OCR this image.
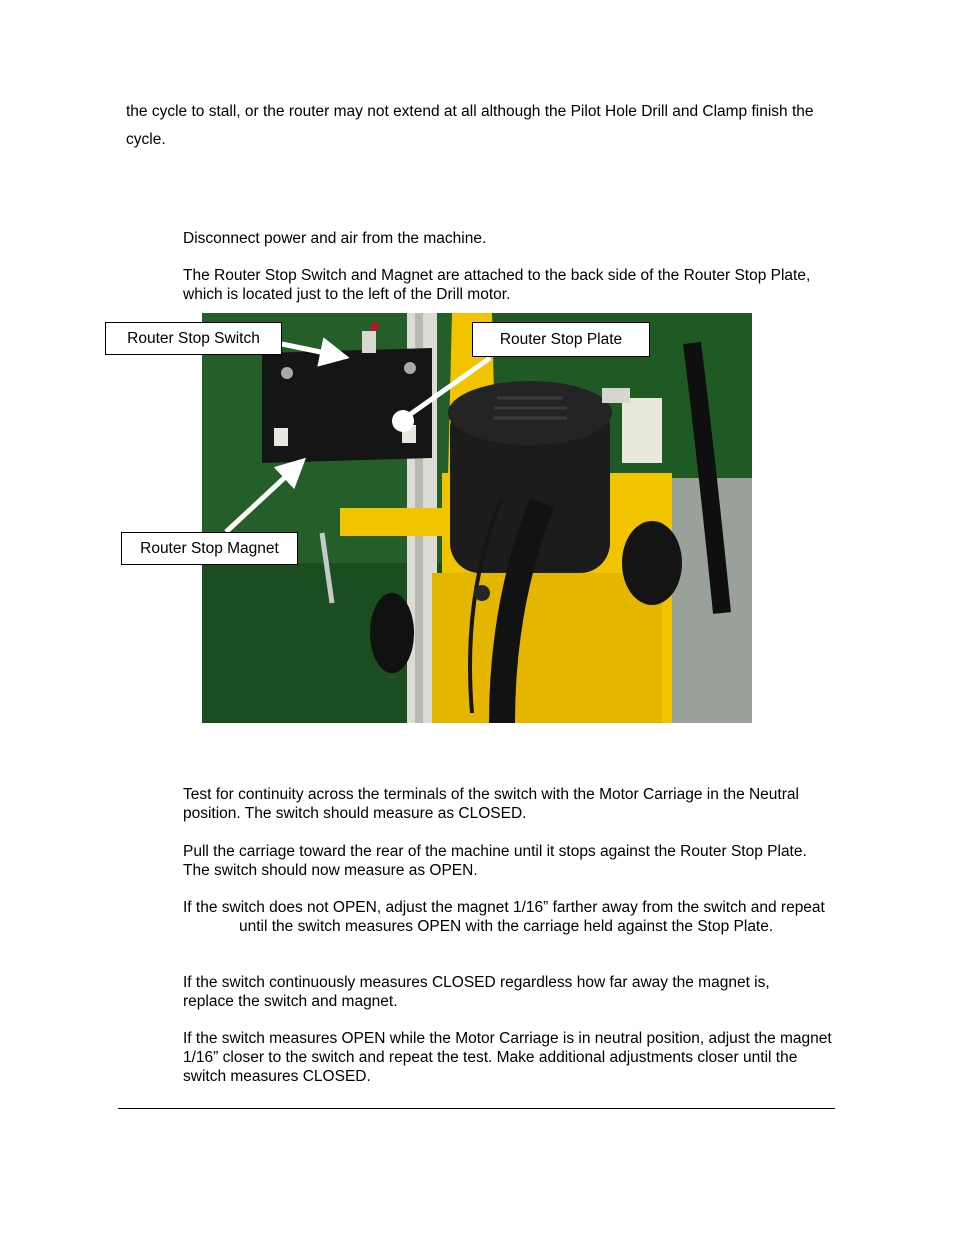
the cycle to stall, or the router may not extend at all although the Pilot Hole Drill and Clamp finish the cycle.

Disconnect power and air from the machine.

The Router Stop Switch and Magnet are attached to the back side of the Router Stop Plate, which is located just to the left of the Drill motor.

Router Stop Switch	Router Stop Plate
Router Stop Magnet

Test for continuity across the terminals of the switch with the Motor Carriage in the Neutral position. The switch should measure as CLOSED.

Pull the carriage toward the rear of the machine until it stops against the Router Stop Plate. The switch should now measure as OPEN.

If the switch does not OPEN, adjust the magnet 1/16” farther away from the switch and repeatuntil the switch measures OPEN with the carriage held against the Stop Plate.

If the switch continuously measures CLOSED regardless how far away the magnet is, replace the switch and magnet.

If the switch measures OPEN while the Motor Carriage is in neutral position, adjust the magnet 1/16” closer to the switch and repeat the test. Make additional adjustments closer until the switch measures CLOSED.
